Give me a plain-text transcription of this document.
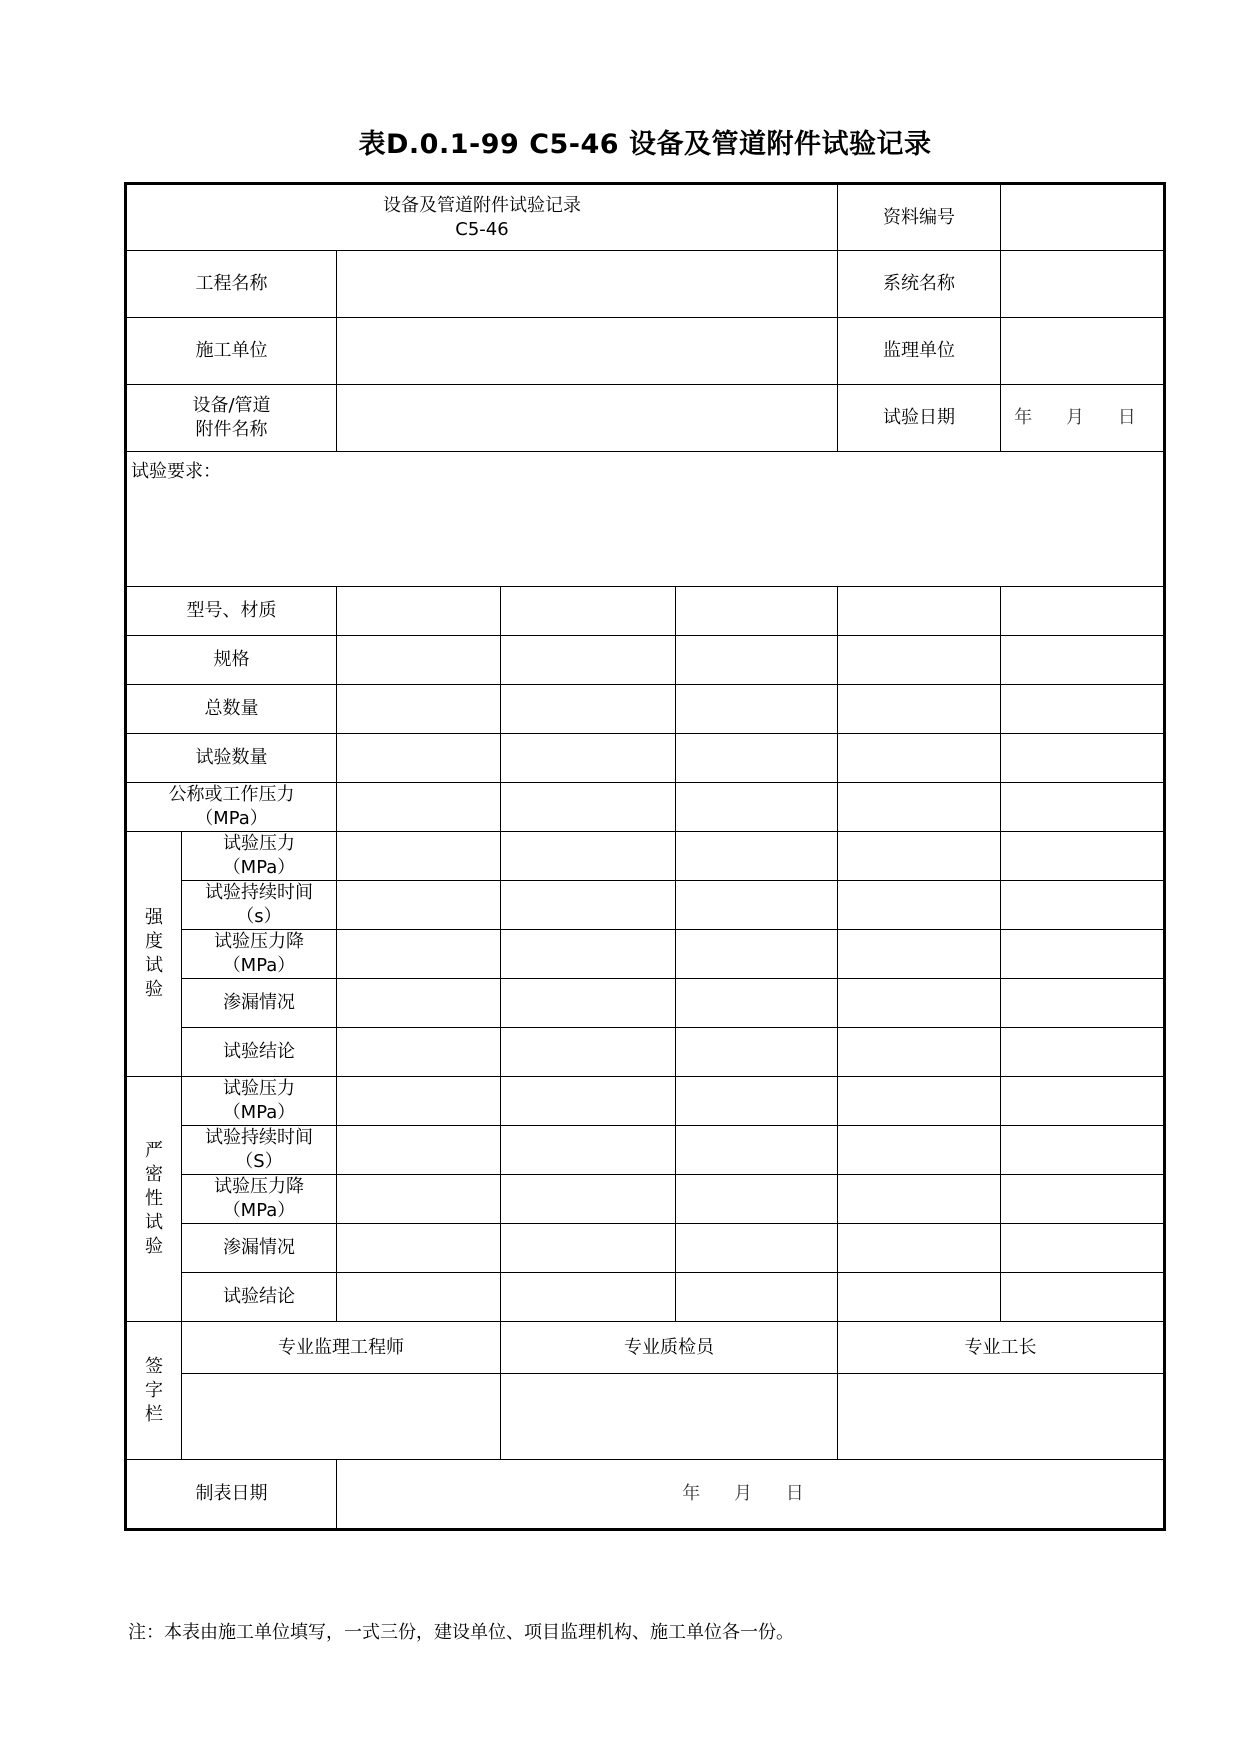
表D.0.1-99 C5-46 设备及管道附件试验记录
设备及管道附件试验记录
C5-46					资料编号	
工程名称					系统名称	
施工单位					监理单位	

设备/管道
附件名称					试验日期	年 月 日
试验要求：						

型号、材质						

规格						

总数量						

试验数量						

公称或工作压力
（MPa）						

强
度
试
验	试验压力
（MPa）					

	试验持续时间
（s）					

	试验压力降
（MPa）					

	渗漏情况					

	试验结论					

严
密
性
试
验	试验压力
（MPa）					

	试验持续时间
（S）					

	试验压力降
（MPa）					

	渗漏情况					

	试验结论					

签
字
栏	专业监理工程师		专业质检员		专业工长	

制表日期		年 月 日				
注：本表由施工单位填写，一式三份，建设单位、项目监理机构、施工单位各一份。
